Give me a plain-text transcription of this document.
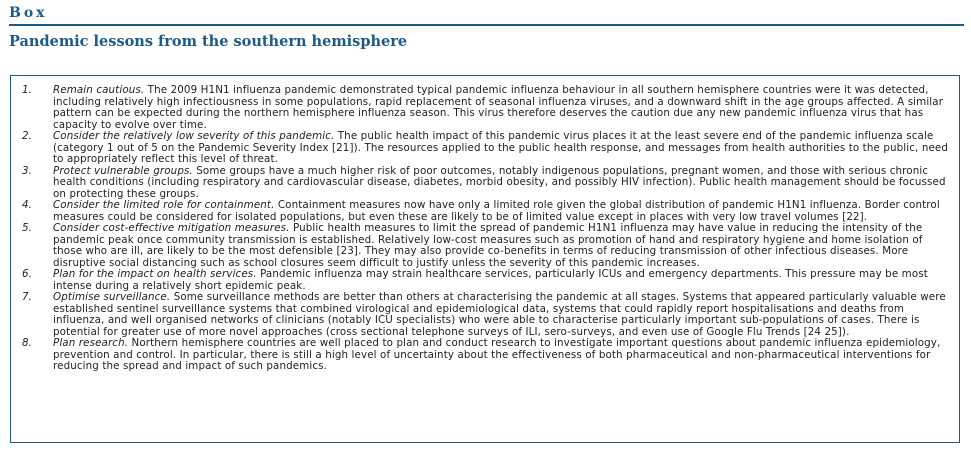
Box
Pandemic lessons from the southern hemisphere
1. Remain cautious. The 2009 H1N1 influenza pandemic demonstrated typical pandemic influenza behaviour in all southern hemisphere countries were it was detected, including relatively high infectiousness in some populations, rapid replacement of seasonal influenza viruses, and a downward shift in the age groups affected. A similar pattern can be expected during the northern hemisphere influenza season. This virus therefore deserves the caution due any new pandemic influenza virus that has capacity to evolve over time.
2. Consider the relatively low severity of this pandemic. The public health impact of this pandemic virus places it at the least severe end of the pandemic influenza scale (category 1 out of 5 on the Pandemic Severity Index [21]). The resources applied to the public health response, and messages from health authorities to the public, need to appropriately reflect this level of threat.
3. Protect vulnerable groups. Some groups have a much higher risk of poor outcomes, notably indigenous populations, pregnant women, and those with serious chronic health conditions (including respiratory and cardiovascular disease, diabetes, morbid obesity, and possibly HIV infection). Public health management should be focussed on protecting these groups.
4. Consider the limited role for containment. Containment measures now have only a limited role given the global distribution of pandemic H1N1 influenza. Border control measures could be considered for isolated populations, but even these are likely to be of limited value except in places with very low travel volumes [22].
5. Consider cost-effective mitigation measures. Public health measures to limit the spread of pandemic H1N1 influenza may have value in reducing the intensity of the pandemic peak once community transmission is established. Relatively low-cost measures such as promotion of hand and respiratory hygiene and home isolation of those who are ill, are likely to be the most defensible [23]. They may also provide co-benefits in terms of reducing transmission of other infectious diseases. More disruptive social distancing such as school closures seem difficult to justify unless the severity of this pandemic increases.
6. Plan for the impact on health services. Pandemic influenza may strain healthcare services, particularly ICUs and emergency departments. This pressure may be most intense during a relatively short epidemic peak.
7. Optimise surveillance. Some surveillance methods are better than others at characterising the pandemic at all stages. Systems that appeared particularly valuable were established sentinel surveillance systems that combined virological and epidemiological data, systems that could rapidly report hospitalisations and deaths from influenza, and well organised networks of clinicians (notably ICU specialists) who were able to characterise particularly important sub-populations of cases. There is potential for greater use of more novel approaches (cross sectional telephone surveys of ILI, sero-surveys, and even use of Google Flu Trends [24 25]).
8. Plan research. Northern hemisphere countries are well placed to plan and conduct research to investigate important questions about pandemic influenza epidemiology, prevention and control. In particular, there is still a high level of uncertainty about the effectiveness of both pharmaceutical and non-pharmaceutical interventions for reducing the spread and impact of such pandemics.
